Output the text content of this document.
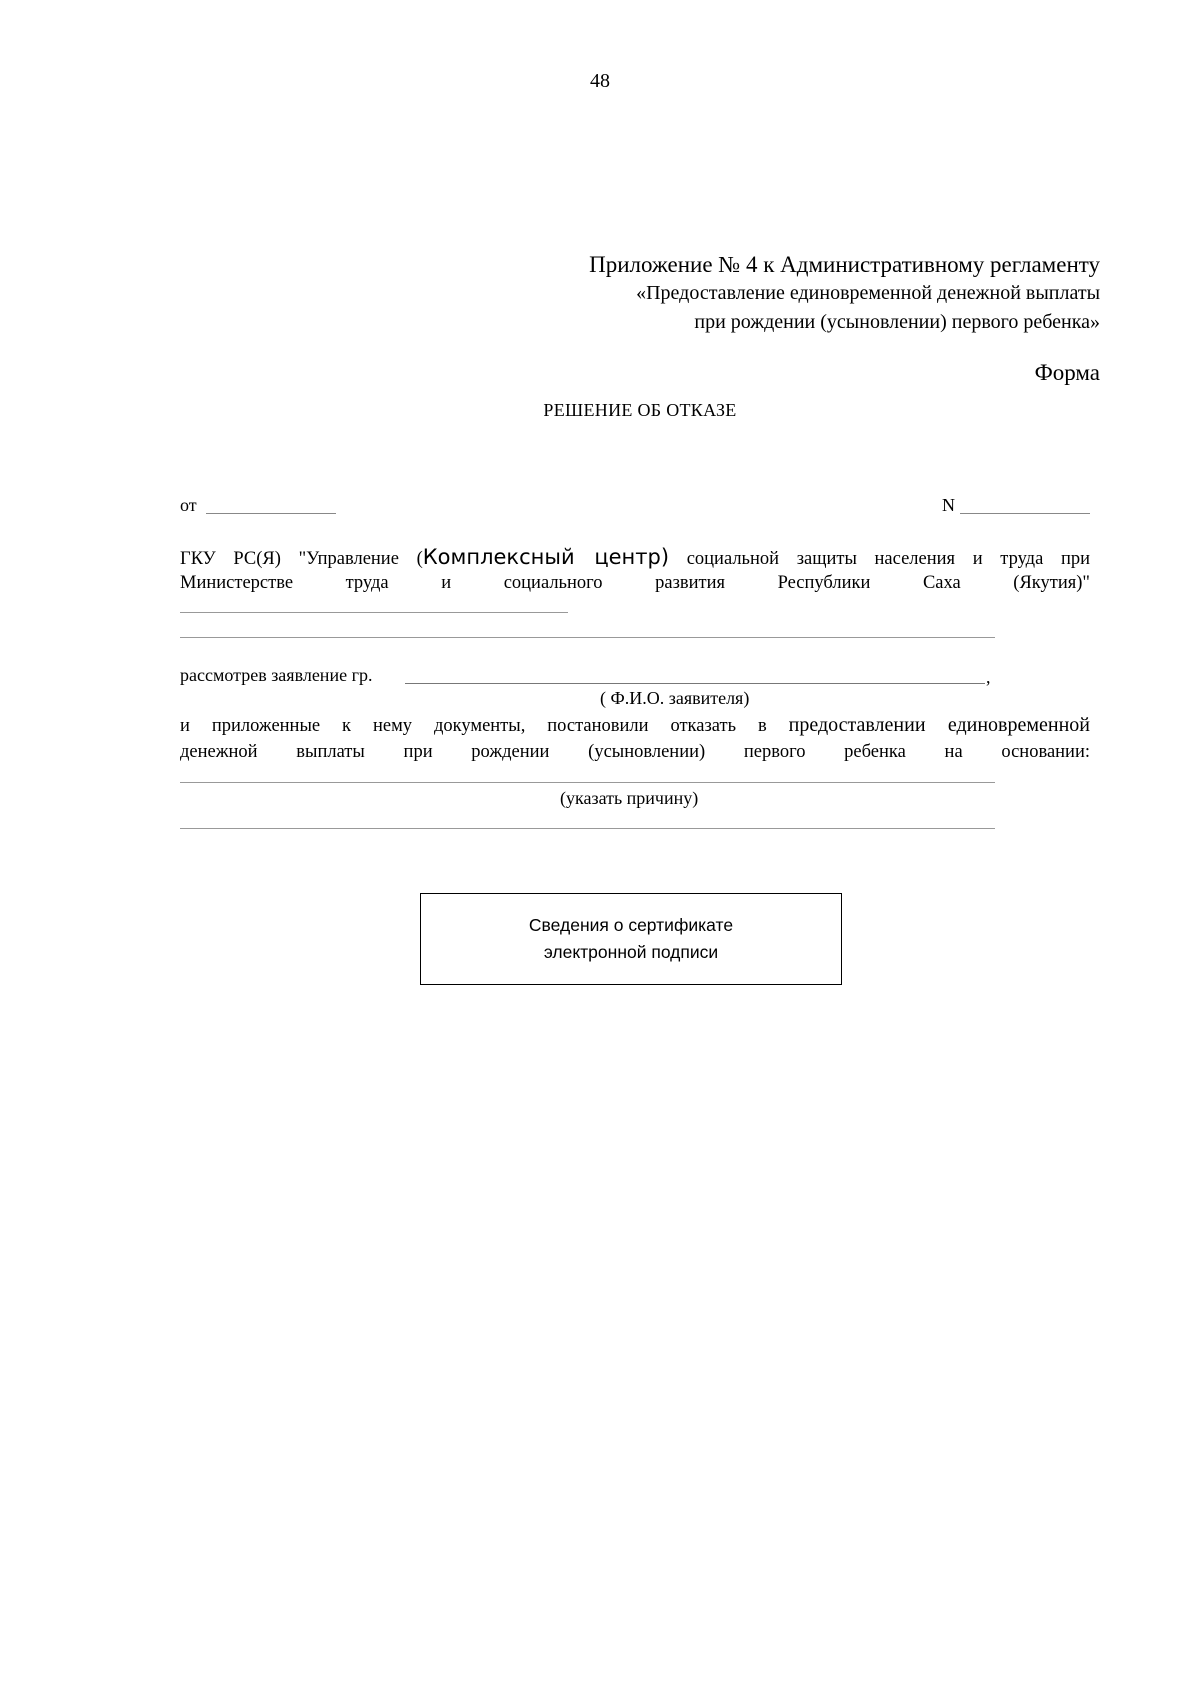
48
Приложение № 4 к Административному регламенту
«Предоставление единовременной денежной выплаты
при рождении (усыновлении) первого ребенка»
Форма
РЕШЕНИЕ ОБ ОТКАЗЕ
от	N
ГКУ РС(Я) "Управление (Комплексный центр) социальной защиты населения и труда при
Министерстве труда и социального развития Республики Саха (Якутия)"
рассмотрев заявление гр.	,
( Ф.И.О. заявителя)
и приложенные к нему документы, постановили отказать в предоставлении единовременной
денежной выплаты при рождении (усыновлении) первого ребенка на основании:
(указать причину)
Сведения о сертификате
электронной подписи
